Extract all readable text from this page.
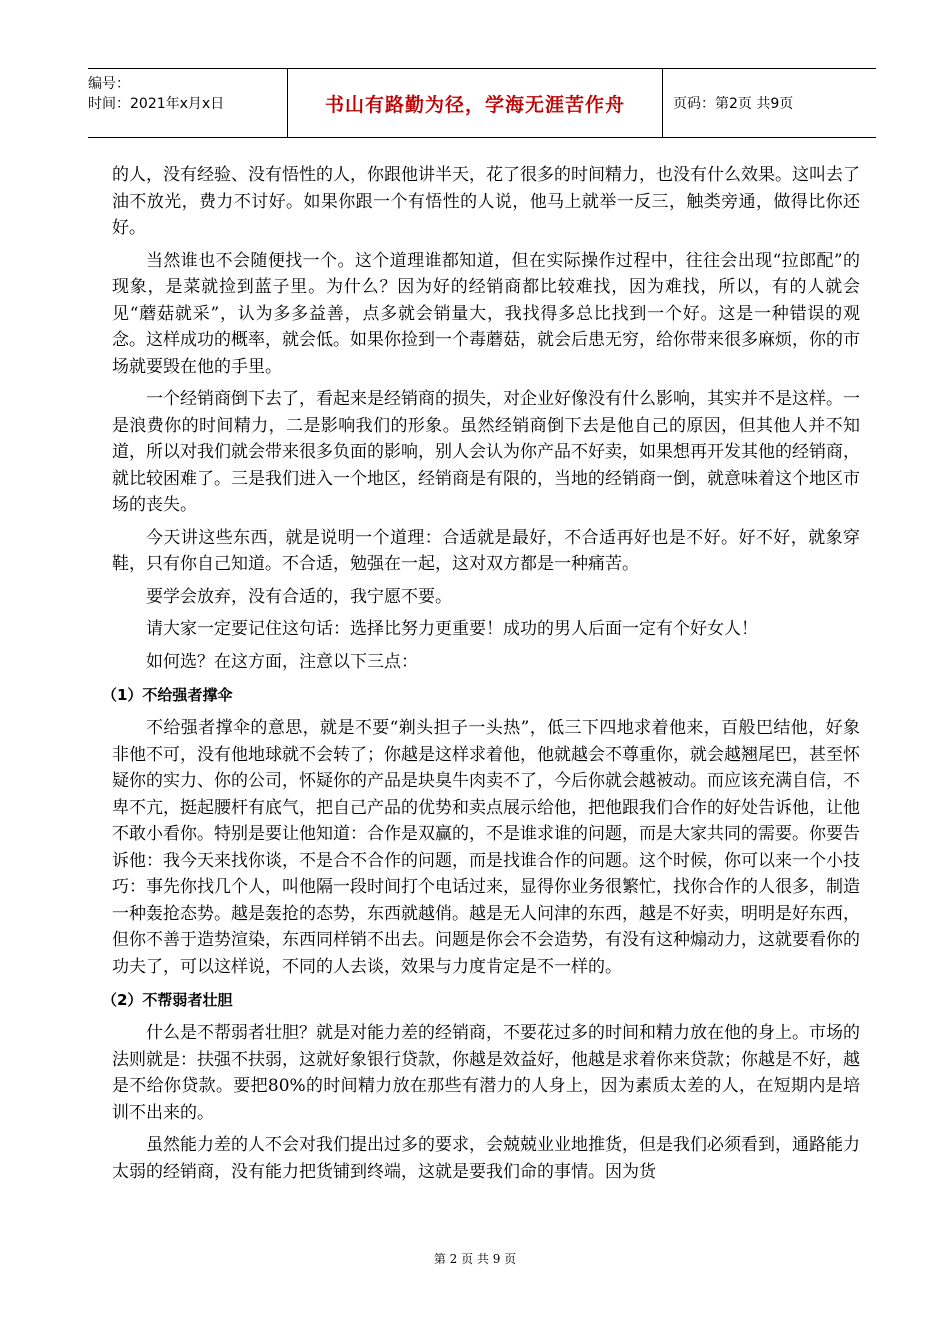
编号：
时间：2021年x月x日	书山有路勤为径，学海无涯苦作舟	页码：第2页 共9页

的人，没有经验、没有悟性的人，你跟他讲半天，花了很多的时间精力，也没有什么效果。这叫去了油不放光，费力不讨好。如果你跟一个有悟性的人说，他马上就举一反三，触类旁通，做得比你还好。

当然谁也不会随便找一个。这个道理谁都知道，但在实际操作过程中，往往会出现“拉郎配”的现象，是菜就捡到蓝子里。为什么？因为好的经销商都比较难找，因为难找，所以，有的人就会见“蘑菇就采”，认为多多益善，点多就会销量大，我找得多总比找到一个好。这是一种错误的观念。这样成功的概率，就会低。如果你捡到一个毒蘑菇，就会后患无穷，给你带来很多麻烦，你的市场就要毁在他的手里。

一个经销商倒下去了，看起来是经销商的损失，对企业好像没有什么影响，其实并不是这样。一是浪费你的时间精力，二是影响我们的形象。虽然经销商倒下去是他自己的原因，但其他人并不知道，所以对我们就会带来很多负面的影响，别人会认为你产品不好卖，如果想再开发其他的经销商，就比较困难了。三是我们进入一个地区，经销商是有限的，当地的经销商一倒，就意味着这个地区市场的丧失。

今天讲这些东西，就是说明一个道理：合适就是最好，不合适再好也是不好。好不好，就象穿鞋，只有你自己知道。不合适，勉强在一起，这对双方都是一种痛苦。

要学会放弃，没有合适的，我宁愿不要。

请大家一定要记住这句话：选择比努力更重要！成功的男人后面一定有个好女人！

如何选？在这方面，注意以下三点：

（1）不给强者撑伞

不给强者撑伞的意思，就是不要“剃头担子一头热”，低三下四地求着他来，百般巴结他，好象非他不可，没有他地球就不会转了；你越是这样求着他，他就越会不尊重你，就会越翘尾巴，甚至怀疑你的实力、你的公司，怀疑你的产品是块臭牛肉卖不了，今后你就会越被动。而应该充满自信，不卑不亢，挺起腰杆有底气，把自己产品的优势和卖点展示给他，把他跟我们合作的好处告诉他，让他不敢小看你。特别是要让他知道：合作是双赢的，不是谁求谁的问题，而是大家共同的需要。你要告诉他：我今天来找你谈，不是合不合作的问题，而是找谁合作的问题。这个时候，你可以来一个小技巧：事先你找几个人，叫他隔一段时间打个电话过来，显得你业务很繁忙，找你合作的人很多，制造一种轰抢态势。越是轰抢的态势，东西就越俏。越是无人问津的东西，越是不好卖，明明是好东西，但你不善于造势渲染，东西同样销不出去。问题是你会不会造势，有没有这种煽动力，这就要看你的功夫了，可以这样说，不同的人去谈，效果与力度肯定是不一样的。

（2）不帮弱者壮胆

什么是不帮弱者壮胆？就是对能力差的经销商，不要花过多的时间和精力放在他的身上。市场的法则就是：扶强不扶弱，这就好象银行贷款，你越是效益好，他越是求着你来贷款；你越是不好，越是不给你贷款。要把80%的时间精力放在那些有潜力的人身上，因为素质太差的人，在短期内是培训不出来的。

虽然能力差的人不会对我们提出过多的要求，会兢兢业业地推货，但是我们必须看到，通路能力太弱的经销商，没有能力把货铺到终端，这就是要我们命的事情。因为货

第 2 页 共 9 页
